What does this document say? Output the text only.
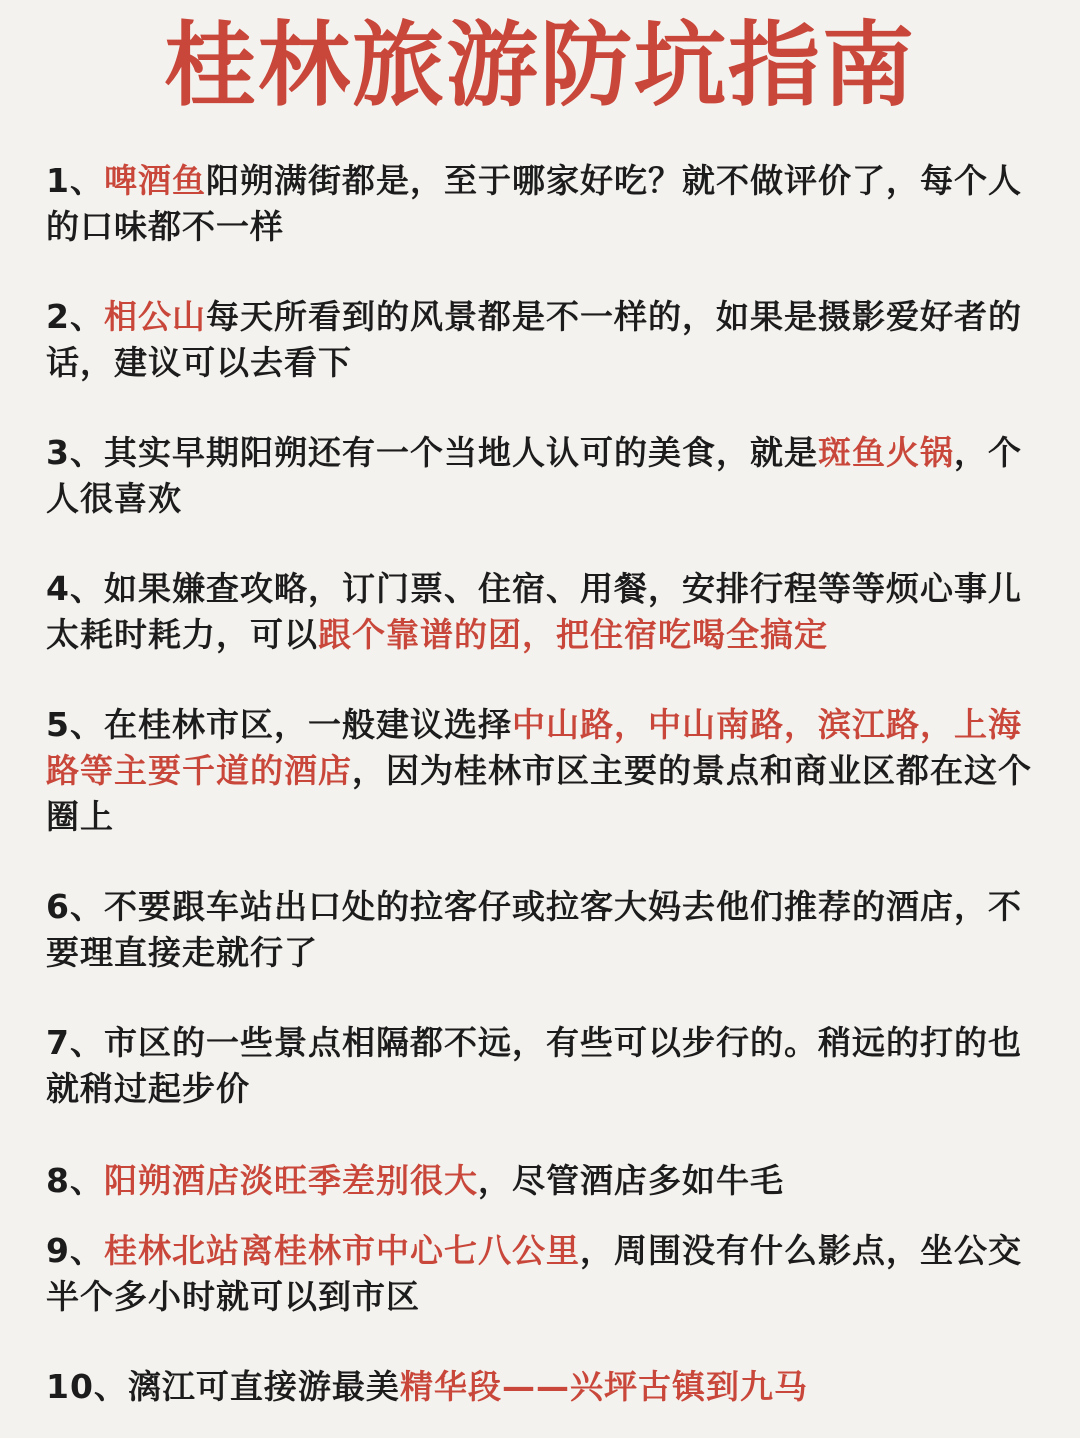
桂林旅游防坑指南
1、啤酒鱼阳朔满街都是，至于哪家好吃？就不做评价了，每个人的口味都不一样
2、相公山每天所看到的风景都是不一样的，如果是摄影爱好者的话，建议可以去看下
3、其实早期阳朔还有一个当地人认可的美食，就是斑鱼火锅，个人很喜欢
4、如果嫌查攻略，订门票、住宿、用餐，安排行程等等烦心事儿太耗时耗力，可以跟个靠谱的团，把住宿吃喝全搞定
5、在桂林市区，一般建议选择中山路，中山南路，滨江路，上海路等主要千道的酒店，因为桂林市区主要的景点和商业区都在这个圈上
6、不要跟车站出口处的拉客仔或拉客大妈去他们推荐的酒店，不要理直接走就行了
7、市区的一些景点相隔都不远，有些可以步行的。稍远的打的也就稍过起步价
8、阳朔酒店淡旺季差别很大，尽管酒店多如牛毛
9、桂林北站离桂林市中心七八公里，周围没有什么影点，坐公交半个多小时就可以到市区
10、漓江可直接游最美精华段——兴坪古镇到九马
